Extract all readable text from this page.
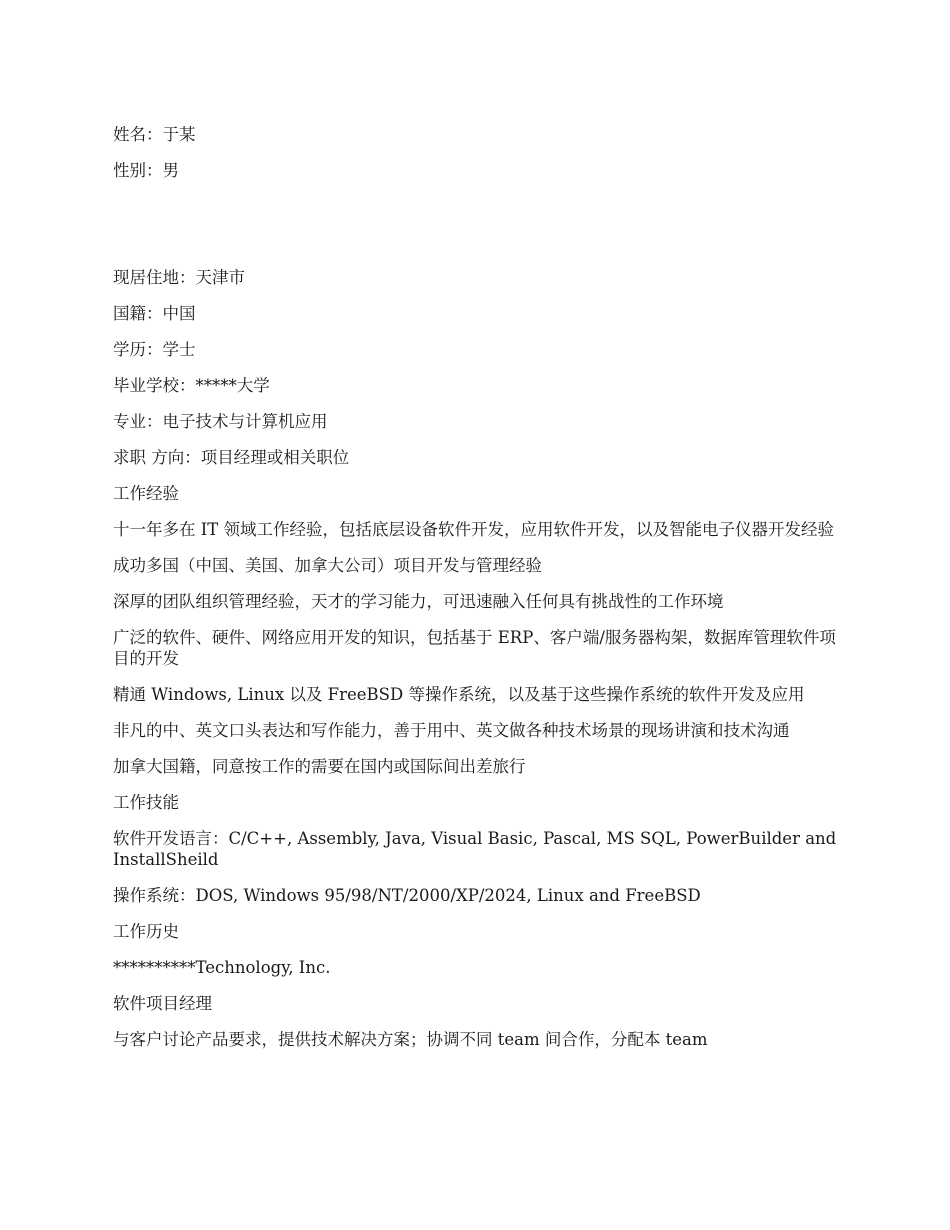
姓名：于某

性别：男

现居住地：天津市

国籍：中国

学历：学士

毕业学校：*****大学

专业：电子技术与计算机应用

求职 方向：项目经理或相关职位

工作经验

十一年多在 IT 领域工作经验，包括底层设备软件开发，应用软件开发，以及智能电子仪器开发经验

成功多国（中国、美国、加拿大公司）项目开发与管理经验

深厚的团队组织管理经验，天才的学习能力，可迅速融入任何具有挑战性的工作环境

广泛的软件、硬件、网络应用开发的知识，包括基于 ERP、客户端/服务器构架，数据库管理软件项目的开发

精通 Windows, Linux 以及 FreeBSD 等操作系统，以及基于这些操作系统的软件开发及应用

非凡的中、英文口头表达和写作能力，善于用中、英文做各种技术场景的现场讲演和技术沟通

加拿大国籍，同意按工作的需要在国内或国际间出差旅行

工作技能

软件开发语言：C/C++, Assembly, Java, Visual Basic, Pascal, MS SQL, PowerBuilder and InstallSheild

操作系统：DOS, Windows 95/98/NT/2000/XP/2024, Linux and FreeBSD

工作历史

**********Technology, Inc.

软件项目经理

与客户讨论产品要求，提供技术解决方案；协调不同 team 间合作，分配本 team
